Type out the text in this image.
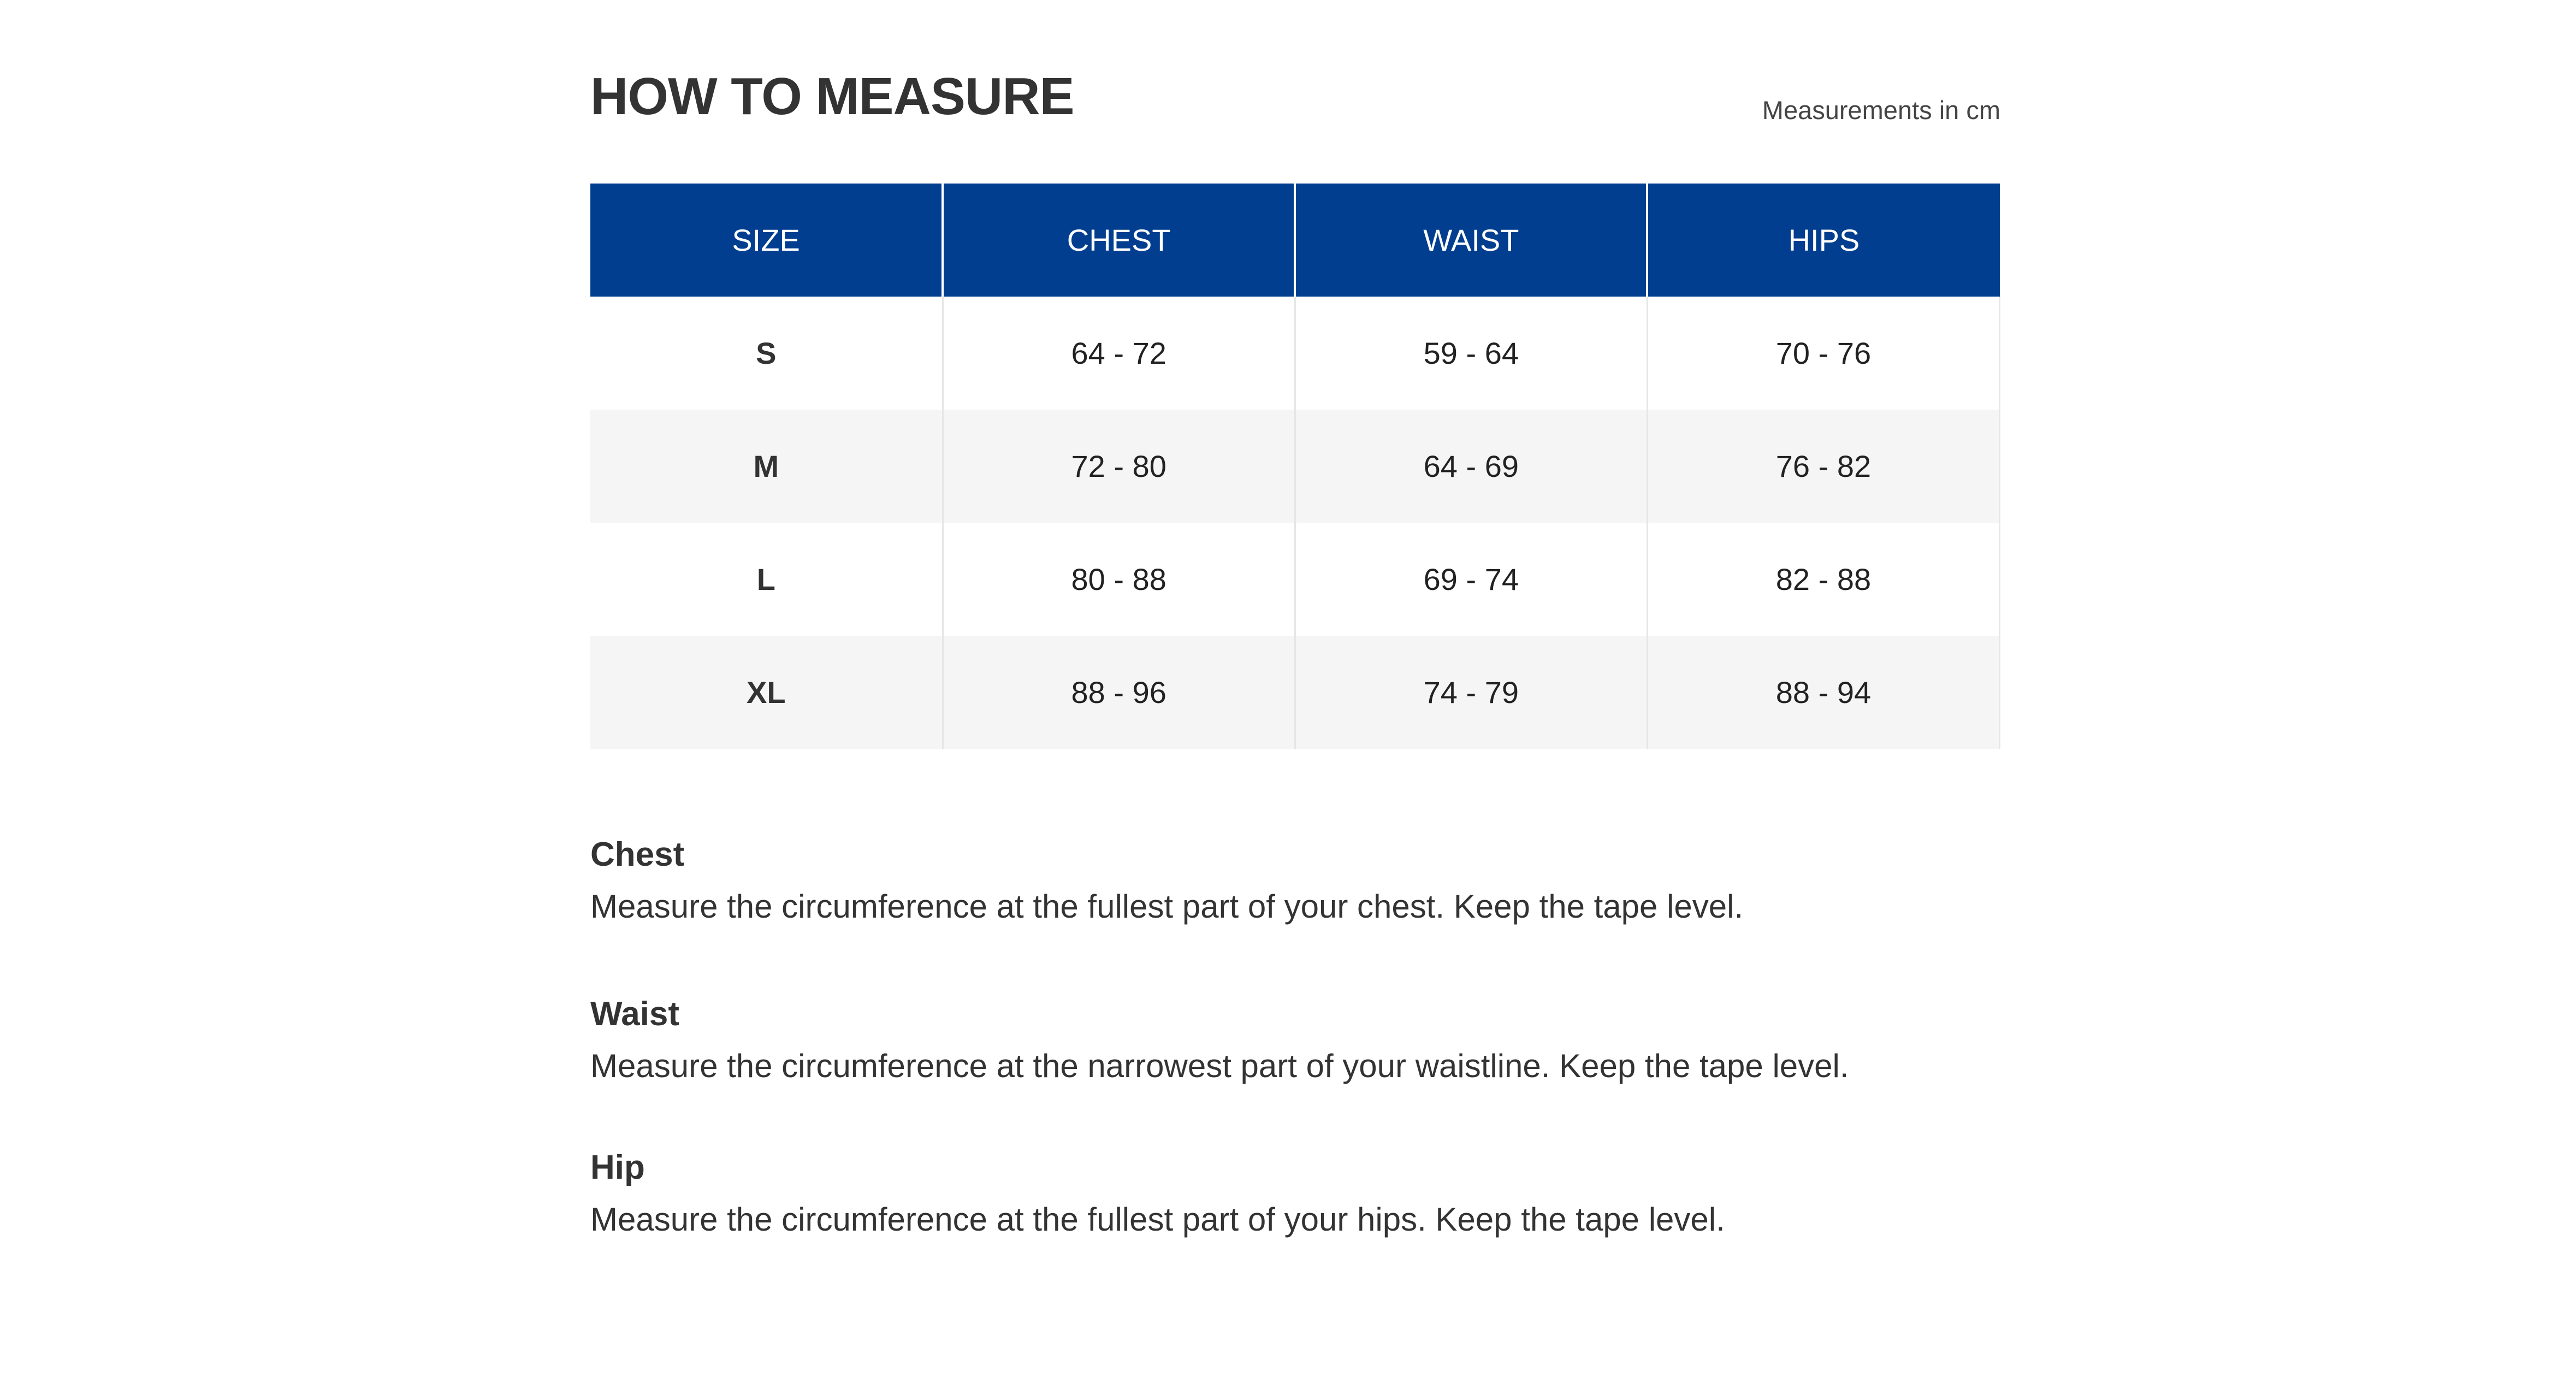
HOW TO MEASURE	Measurements in cm
SIZE	CHEST	WAIST	HIPS
S	64 - 72	59 - 64	70 - 76
M	72 - 80	64 - 69	76 - 82
L	80 - 88	69 - 74	82 - 88
XL	88 - 96	74 - 79	88 - 94
Chest
Measure the circumference at the fullest part of your chest. Keep the tape level.
Waist
Measure the circumference at the narrowest part of your waistline. Keep the tape level.
Hip
Measure the circumference at the fullest part of your hips. Keep the tape level.
